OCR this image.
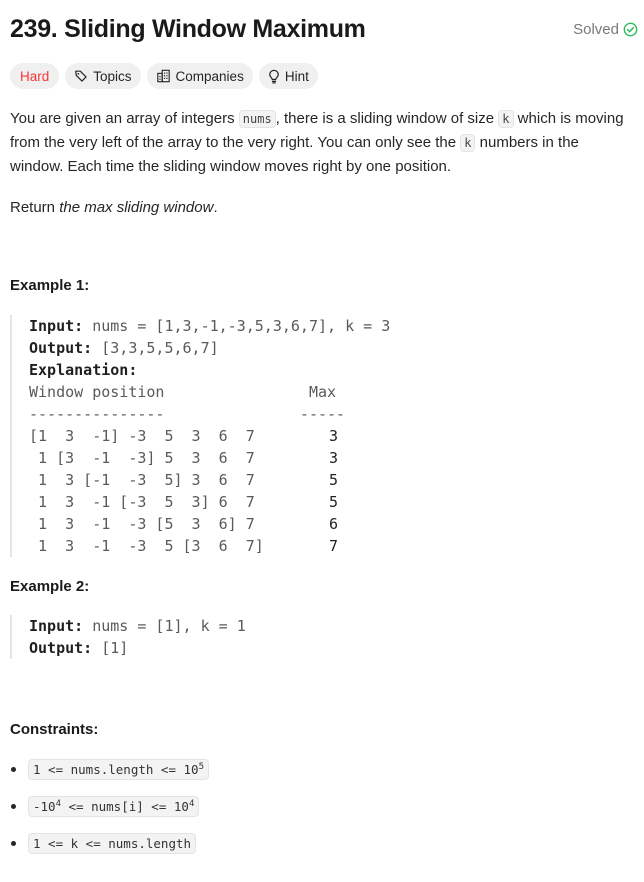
239. Sliding Window Maximum	Solved
Hard	Topics	Companies	Hint

You are given an array of integers nums , there is a sliding window of size k which is moving from the very left of the array to the very right. You can only see the k numbers in the window. Each time the sliding window moves right by one position.

Return the max sliding window.

Example 1:
Input: nums = [1,3,-1,-3,5,3,6,7], k = 3
Output: [3,3,5,5,6,7]
Explanation:
Window position                Max
---------------               -----
[1  3  -1] -3  5  3  6  7	3

1 [3  -1  -3] 5  3  6  7	3

1  3 [-1  -3  5] 3  6  7	5

1  3  -1 [-3  5  3] 6  7	5

1  3  -1  -3 [5  3  6] 7	6

1  3  -1  -3  5 [3  6  7]	7
Example 2:
Input: nums = [1], k = 1
Output: [1]
Constraints:
1 <= nums.length <= $10^5$
$-10^4$ <= nums[i] <= $10^4$
1 <= k <= nums.length
